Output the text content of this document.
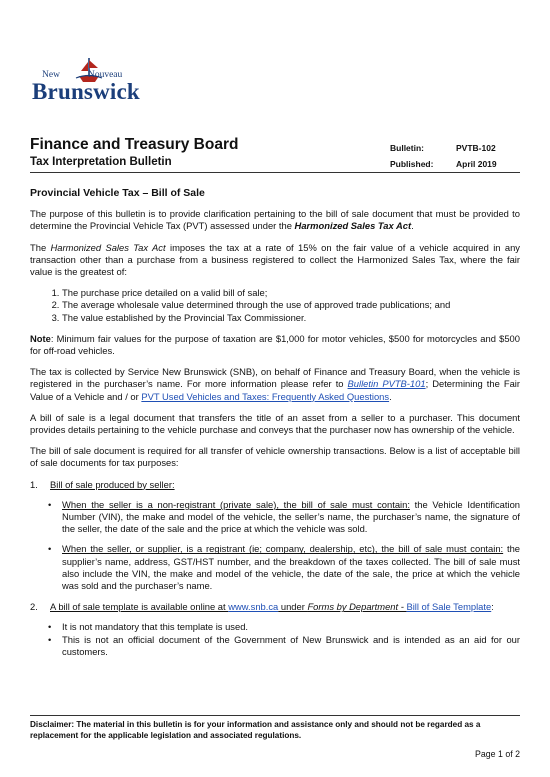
New	Nouveau
Brunswick
Finance and Treasury Board
Tax Interpretation Bulletin
Bulletin:	PVTB-102
Published:	April 2019
Provincial Vehicle Tax – Bill of Sale

The purpose of this bulletin is to provide clarification pertaining to the bill of sale document that must be provided to determine the Provincial Vehicle Tax (PVT) assessed under the Harmonized Sales Tax Act.

The Harmonized Sales Tax Act imposes the tax at a rate of 15% on the fair value of a vehicle acquired in any transaction other than a purchase from a business registered to collect the Harmonized Sales Tax, where the fair value is the greatest of:

1. The purchase price detailed on a valid bill of sale;
2. The average wholesale value determined through the use of approved trade publications; and
3. The value established by the Provincial Tax Commissioner.

Note: Minimum fair values for the purpose of taxation are $1,000 for motor vehicles, $500 for motorcycles and $500 for off-road vehicles.

The tax is collected by Service New Brunswick (SNB), on behalf of Finance and Treasury Board, when the vehicle is registered in the purchaser’s name. For more information please refer to Bulletin PVTB-101; Determining the Fair Value of a Vehicle and / or PVT Used Vehicles and Taxes: Frequently Asked Questions.

A bill of sale is a legal document that transfers the title of an asset from a seller to a purchaser. This document provides details pertaining to the vehicle purchase and conveys that the purchaser now has ownership of the vehicle.

The bill of sale document is required for all transfer of vehicle ownership transactions. Below is a list of acceptable bill of sale documents for tax purposes:

1. Bill of sale produced by seller:
• When the seller is a non-registrant (private sale), the bill of sale must contain: the Vehicle Identification Number (VIN), the make and model of the vehicle, the seller’s name, the purchaser’s name, the signature of the seller, the date of the sale and the price at which the vehicle was sold.
• When the seller, or supplier, is a registrant (ie; company, dealership, etc), the bill of sale must contain: the supplier’s name, address, GST/HST number, and the breakdown of the taxes collected. The bill of sale must also include the VIN, the make and model of the vehicle, the date of the sale, the price at which the vehicle was sold and the purchaser’s name.
2. A bill of sale template is available online at www.snb.ca under Forms by Department - Bill of Sale Template:
• It is not mandatory that this template is used.
• This is not an official document of the Government of New Brunswick and is intended as an aid for our customers.
Disclaimer: The material in this bulletin is for your information and assistance only and should not be regarded as a replacement for the applicable legislation and associated regulations.
Page 1 of 2
